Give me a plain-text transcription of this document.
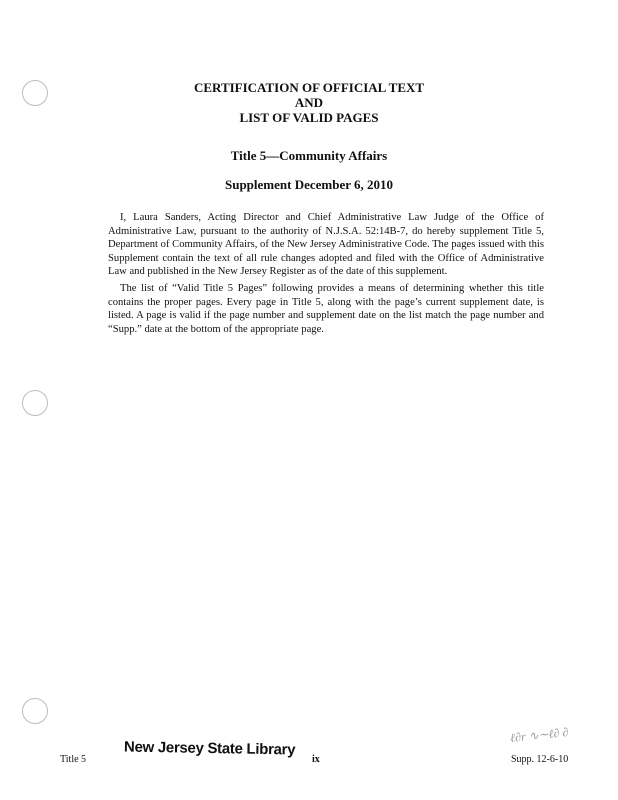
CERTIFICATION OF OFFICIAL TEXT
AND
LIST OF VALID PAGES
Title 5—Community Affairs
Supplement December 6, 2010

I, Laura Sanders, Acting Director and Chief Administrative Law Judge of the Office of Administrative Law, pursuant to the authority of N.J.S.A. 52:14B-7, do hereby supplement Title 5, Department of Community Affairs, of the New Jersey Administrative Code. The pages issued with this Supplement contain the text of all rule changes adopted and filed with the Office of Administrative Law and published in the New Jersey Register as of the date of this supplement.

The list of “Valid Title 5 Pages” following provides a means of determining whether this title contains the proper pages. Every page in Title 5, along with the page’s current supplement date, is listed. A page is valid if the page number and supplement date on the list match the page number and “Supp.” date at the bottom of the appropriate page.

Title 5
New Jersey State Library
ix
ℓ∂r ∿∼ℓ∂ ∂
Supp. 12-6-10
